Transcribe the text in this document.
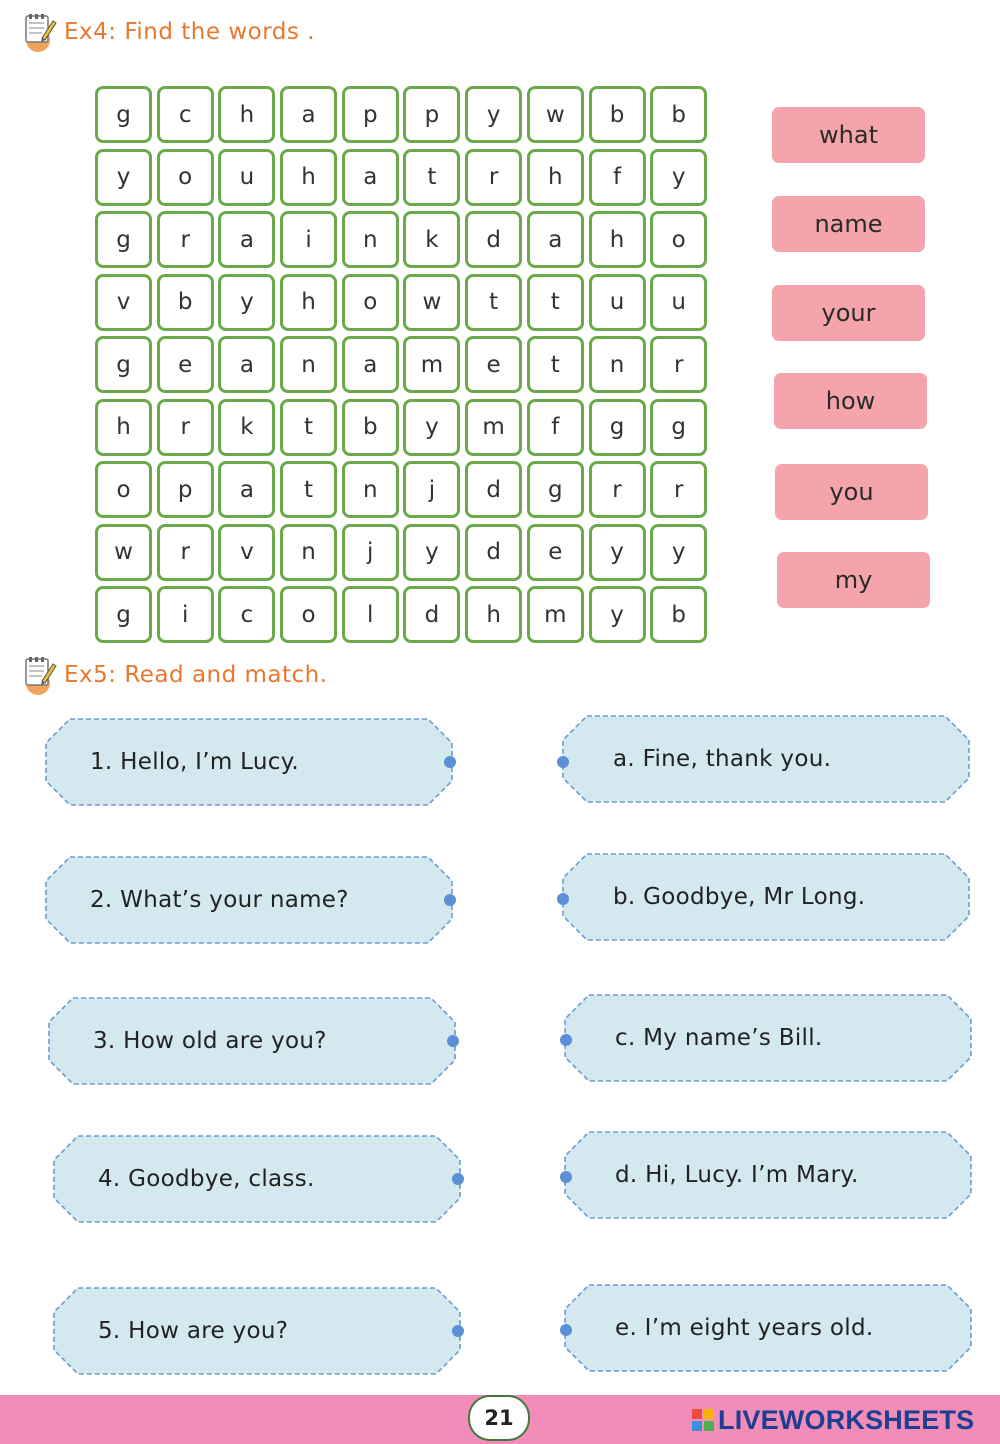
Ex4: Find the words .
g	c	h	a	p	p	y	w	b	b
y	o	u	h	a	t	r	h	f	y
g	r	a	i	n	k	d	a	h	o
v	b	y	h	o	w	t	t	u	u
g	e	a	n	a	m	e	t	n	r
h	r	k	t	b	y	m	f	g	g
o	p	a	t	n	j	d	g	r	r
w	r	v	n	j	y	d	e	y	y
g	i	c	o	l	d	h	m	y	b
what
name
your
how
you
my
Ex5: Read and match.
1. Hello, I’m Lucy.
2. What’s your name?
3. How old are you?
4. Goodbye, class.
5. How are you?
a. Fine, thank you.
b. Goodbye, Mr Long.
c. My name’s Bill.
d. Hi, Lucy. I’m Mary.
e. I’m eight years old.
21	LIVEWORKSHEETS
